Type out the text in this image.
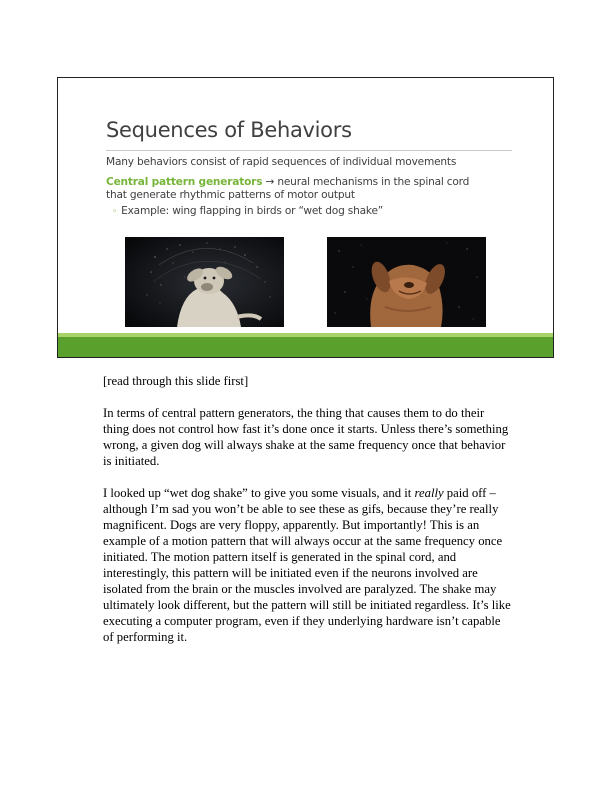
Sequences of Behaviors

Many behaviors consist of rapid sequences of individual movements

Central pattern generators → neural mechanisms in the spinal cord that generate rhythmic patterns of motor output

◦ Example: wing flapping in birds or “wet dog shake”

[read through this slide first]

In terms of central pattern generators, the thing that causes them to do their thing does not control how fast it’s done once it starts. Unless there’s something wrong, a given dog will always shake at the same frequency once that behavior is initiated.

I looked up “wet dog shake” to give you some visuals, and it really paid off – although I’m sad you won’t be able to see these as gifs, because they’re really magnificent. Dogs are very floppy, apparently. But importantly! This is an example of a motion pattern that will always occur at the same frequency once initiated. The motion pattern itself is generated in the spinal cord, and interestingly, this pattern will be initiated even if the neurons involved are isolated from the brain or the muscles involved are paralyzed. The shake may ultimately look different, but the pattern will still be initiated regardless. It’s like executing a computer program, even if they underlying hardware isn’t capable of performing it.
